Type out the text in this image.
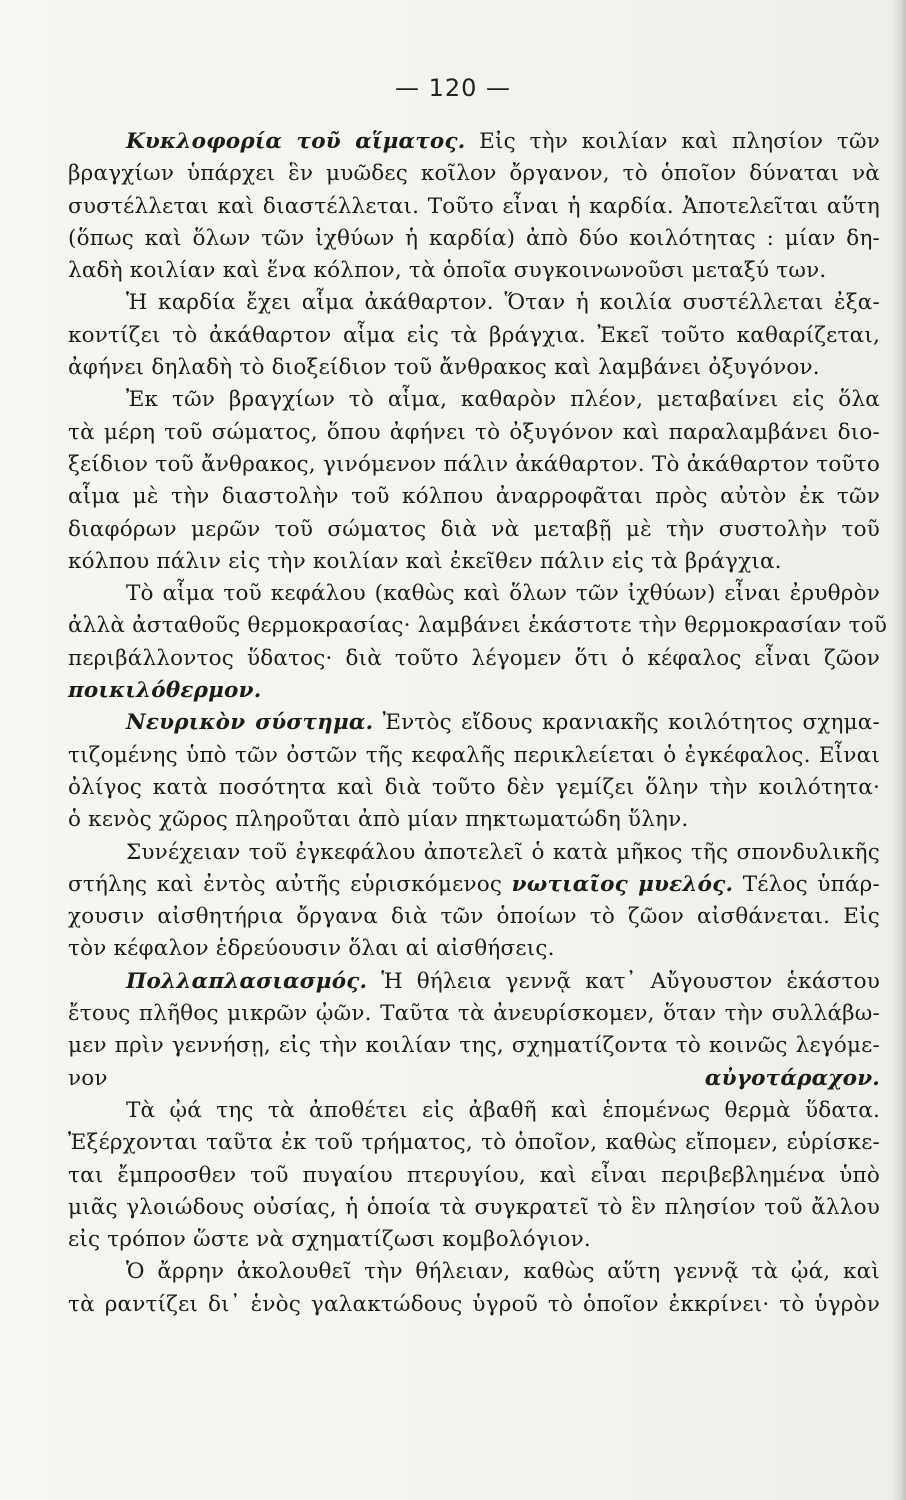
— 120 —
Κυκλοφορία τοῦ αἵματος. Εἰς τὴν κοιλίαν καὶ πλησίον τῶν
βραγχίων ὑπάρχει ἓν μυῶδες κοῖλον ὄργανον, τὸ ὁποῖον δύναται νὰ
συστέλλεται καὶ διαστέλλεται. Τοῦτο εἶναι ἡ καρδία. Ἀποτελεῖται αὕτη
(ὅπως καὶ ὅλων τῶν ἰχθύων ἡ καρδία) ἀπὸ δύο κοιλότητας : μίαν δη-
λαδὴ κοιλίαν καὶ ἕνα κόλπον, τὰ ὁποῖα συγκοινωνοῦσι μεταξύ των.
Ἡ καρδία ἔχει αἷμα ἀκάθαρτον. Ὅταν ἡ κοιλία συστέλλεται ἐξα-
κοντίζει τὸ ἀκάθαρτον αἷμα εἰς τὰ βράγχια. Ἐκεῖ τοῦτο καθαρίζεται,
ἀφήνει δηλαδὴ τὸ διοξείδιον τοῦ ἄνθρακος καὶ λαμβάνει ὀξυγόνον.
Ἐκ τῶν βραγχίων τὸ αἷμα, καθαρὸν πλέον, μεταβαίνει εἰς ὅλα
τὰ μέρη τοῦ σώματος, ὅπου ἀφήνει τὸ ὀξυγόνον καὶ παραλαμβάνει διο-
ξείδιον τοῦ ἄνθρακος, γινόμενον πάλιν ἀκάθαρτον. Τὸ ἀκάθαρτον τοῦτο
αἷμα μὲ τὴν διαστολὴν τοῦ κόλπου ἀναρροφᾶται πρὸς αὐτὸν ἐκ τῶν
διαφόρων μερῶν τοῦ σώματος διὰ νὰ μεταβῇ μὲ τὴν συστολὴν τοῦ
κόλπου πάλιν εἰς τὴν κοιλίαν καὶ ἐκεῖθεν πάλιν εἰς τὰ βράγχια.
Τὸ αἷμα τοῦ κεφάλου (καθὼς καὶ ὅλων τῶν ἰχθύων) εἶναι ἐρυθρὸν
ἀλλὰ ἀσταθοῦς θερμοκρασίας· λαμβάνει ἑκάστοτε τὴν θερμοκρασίαν τοῦ
περιβάλλοντος ὕδατος· διὰ τοῦτο λέγομεν ὅτι ὁ κέφαλος εἶναι ζῶον
ποικιλόθερμον.
Νευρικὸν σύστημα. Ἐντὸς εἴδους κρανιακῆς κοιλότητος σχημα-
τιζομένης ὑπὸ τῶν ὀστῶν τῆς κεφαλῆς περικλείεται ὁ ἐγκέφαλος. Εἶναι
ὀλίγος κατὰ ποσότητα καὶ διὰ τοῦτο δὲν γεμίζει ὅλην τὴν κοιλότητα·
ὁ κενὸς χῶρος πληροῦται ἀπὸ μίαν πηκτωματώδη ὕλην.
Συνέχειαν τοῦ ἐγκεφάλου ἀποτελεῖ ὁ κατὰ μῆκος τῆς σπονδυλικῆς
στήλης καὶ ἐντὸς αὐτῆς εὑρισκόμενος νωτιαῖος μυελός. Τέλος ὑπάρ-
χουσιν αἰσθητήρια ὄργανα διὰ τῶν ὁποίων τὸ ζῶον αἰσθάνεται. Εἰς
τὸν κέφαλον ἑδρεύουσιν ὅλαι αἱ αἰσθήσεις.
Πολλαπλασιασμός. Ἡ θήλεια γεννᾷ κατ᾿ Αὔγουστον ἑκάστου
ἔτους πλῆθος μικρῶν ᾠῶν. Ταῦτα τὰ ἀνευρίσκομεν, ὅταν τὴν συλλάβω-
μεν πρὶν γεννήσῃ, εἰς τὴν κοιλίαν της, σχηματίζοντα τὸ κοινῶς λεγόμε-
νον αὐγοτάραχον.
Τὰ ᾠά της τὰ ἀποθέτει εἰς ἀβαθῆ καὶ ἑπομένως θερμὰ ὕδατα.
Ἐξέρχονται ταῦτα ἐκ τοῦ τρήματος, τὸ ὁποῖον, καθὼς εἴπομεν, εὑρίσκε-
ται ἔμπροσθεν τοῦ πυγαίου πτερυγίου, καὶ εἶναι περιβεβλημένα ὑπὸ
μιᾶς γλοιώδους οὐσίας, ἡ ὁποία τὰ συγκρατεῖ τὸ ἓν πλησίον τοῦ ἄλλου
εἰς τρόπον ὥστε νὰ σχηματίζωσι κομβολόγιον.
Ὁ ἄρρην ἀκολουθεῖ τὴν θήλειαν, καθὼς αὕτη γεννᾷ τὰ ᾠά, καὶ
τὰ ραντίζει δι᾿ ἑνὸς γαλακτώδους ὑγροῦ τὸ ὁποῖον ἐκκρίνει· τὸ ὑγρὸν
